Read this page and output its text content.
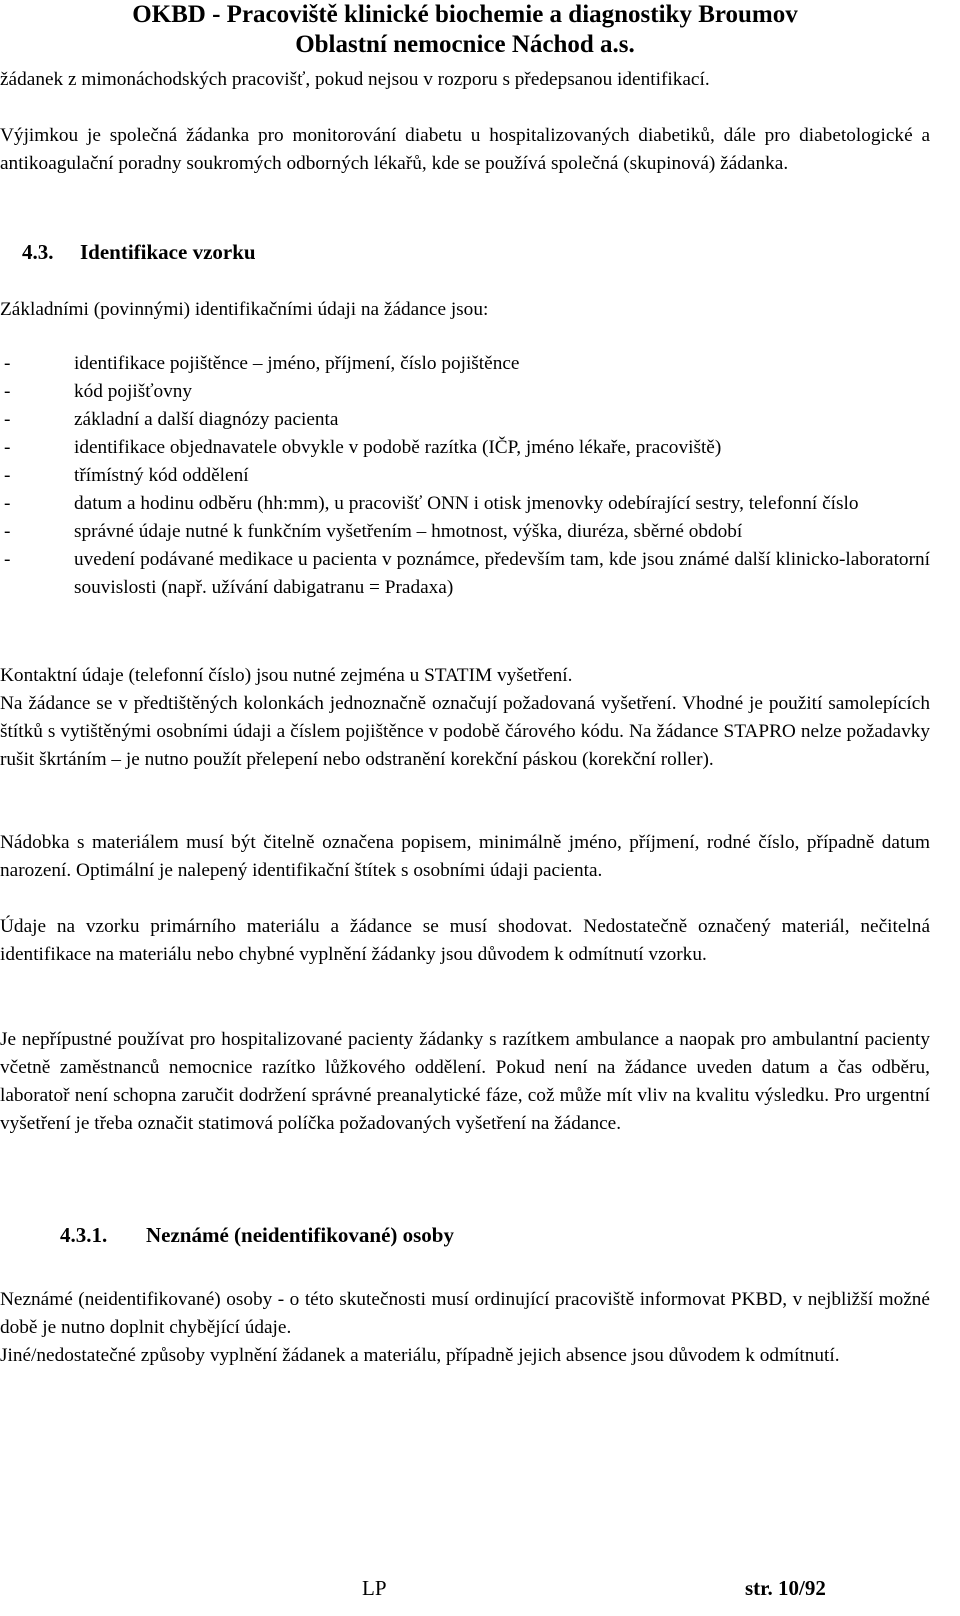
OKBD - Pracoviště klinické biochemie a diagnostiky Broumov
Oblastní nemocnice Náchod a.s.
žádanek z mimonáchodských pracovišť, pokud nejsou v rozporu s předepsanou identifikací.
Výjimkou je společná žádanka pro monitorování diabetu u hospitalizovaných diabetiků, dále pro diabetologické a antikoagulační poradny soukromých odborných lékařů, kde se používá společná (skupinová) žádanka.
4.3. Identifikace vzorku
Základními (povinnými) identifikačními údaji na žádance jsou:
-	identifikace pojištěnce – jméno, příjmení, číslo pojištěnce
-	kód pojišťovny
-	základní a další diagnózy pacienta
-	identifikace objednavatele obvykle v podobě razítka (IČP, jméno lékaře, pracoviště)
-	třímístný kód oddělení
-	datum a hodinu odběru (hh:mm), u pracovišť ONN i otisk jmenovky odebírající sestry, telefonní číslo
-	správné údaje nutné k funkčním vyšetřením – hmotnost, výška, diuréza, sběrné období
-	uvedení podávané medikace u pacienta v poznámce, především tam, kde jsou známé další klinicko-laboratorní souvislosti (např. užívání dabigatranu = Pradaxa)
Kontaktní údaje (telefonní číslo) jsou nutné zejména u STATIM vyšetření.
Na žádance se v předtištěných kolonkách jednoznačně označují požadovaná vyšetření. Vhodné je použití samolepících štítků s vytištěnými osobními údaji a číslem pojištěnce v podobě čárového kódu. Na žádance STAPRO nelze požadavky rušit škrtáním – je nutno použít přelepení nebo odstranění korekční páskou (korekční roller).
Nádobka s materiálem musí být čitelně označena popisem, minimálně jméno, příjmení, rodné číslo, případně datum narození. Optimální je nalepený identifikační štítek s osobními údaji pacienta.
Údaje na vzorku primárního materiálu a žádance se musí shodovat. Nedostatečně označený materiál, nečitelná identifikace na materiálu nebo chybné vyplnění žádanky jsou důvodem k odmítnutí vzorku.
Je nepřípustné používat pro hospitalizované pacienty žádanky s razítkem ambulance a naopak pro ambulantní pacienty včetně zaměstnanců nemocnice razítko lůžkového oddělení. Pokud není na žádance uveden datum a čas odběru, laboratoř není schopna zaručit dodržení správné preanalytické fáze, což může mít vliv na kvalitu výsledku. Pro urgentní vyšetření je třeba označit statimová políčka požadovaných vyšetření na žádance.
4.3.1. Neznámé (neidentifikované) osoby
Neznámé (neidentifikované) osoby - o této skutečnosti musí ordinující pracoviště informovat PKBD, v nejbližší možné době je nutno doplnit chybějící údaje.
Jiné/nedostatečné způsoby vyplnění žádanek a materiálu, případně jejich absence jsou důvodem k odmítnutí.
LP	str. 10/92
